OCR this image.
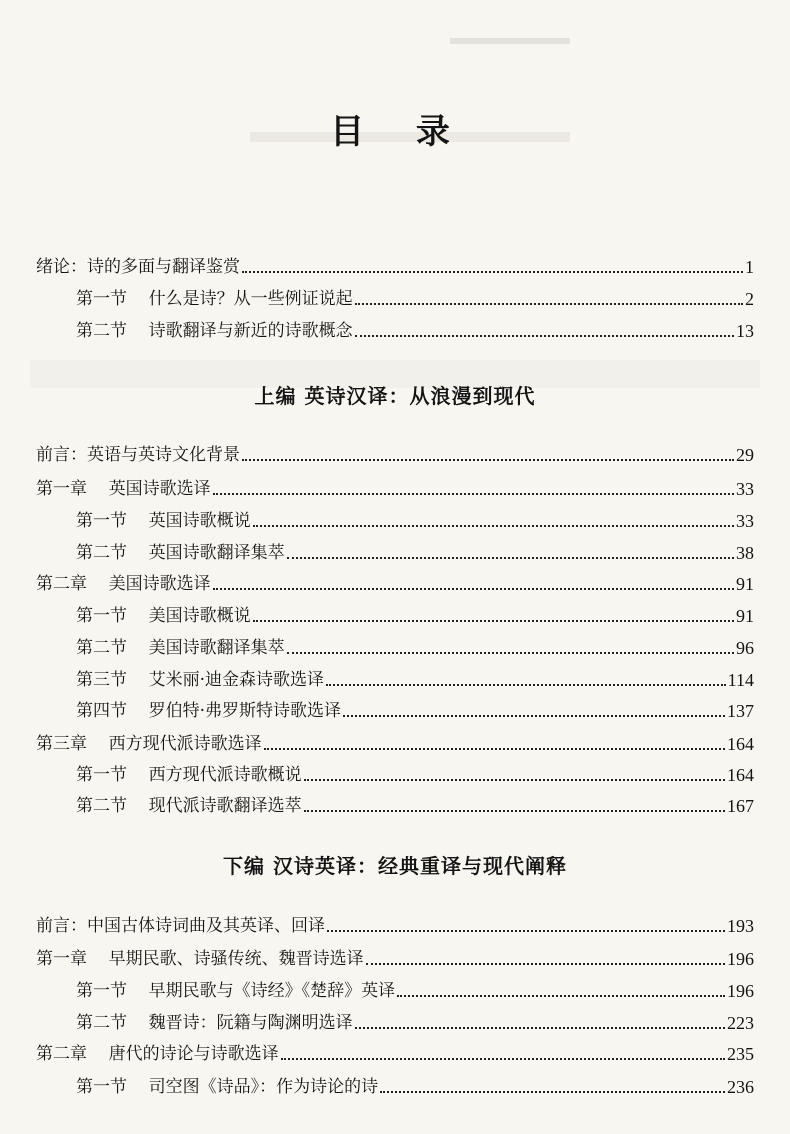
目 录
绪论：诗的多面与翻译鉴赏	1
第一节    什么是诗？从一些例证说起	2
第二节    诗歌翻译与新近的诗歌概念	13
上编 英诗汉译：从浪漫到现代
前言：英语与英诗文化背景	29
第一章    英国诗歌选译	33
第一节    英国诗歌概说	33
第二节    英国诗歌翻译集萃	38
第二章    美国诗歌选译	91
第一节    美国诗歌概说	91
第二节    美国诗歌翻译集萃	96
第三节    艾米丽·迪金森诗歌选译	114
第四节    罗伯特·弗罗斯特诗歌选译	137
第三章    西方现代派诗歌选译	164
第一节    西方现代派诗歌概说	164
第二节    现代派诗歌翻译选萃	167
下编 汉诗英译：经典重译与现代阐释
前言：中国古体诗词曲及其英译、回译	193
第一章    早期民歌、诗骚传统、魏晋诗选译	196
第一节    早期民歌与《诗经》《楚辞》英译	196
第二节    魏晋诗：阮籍与陶渊明选译	223
第二章    唐代的诗论与诗歌选译	235
第一节    司空图《诗品》：作为诗论的诗	236
